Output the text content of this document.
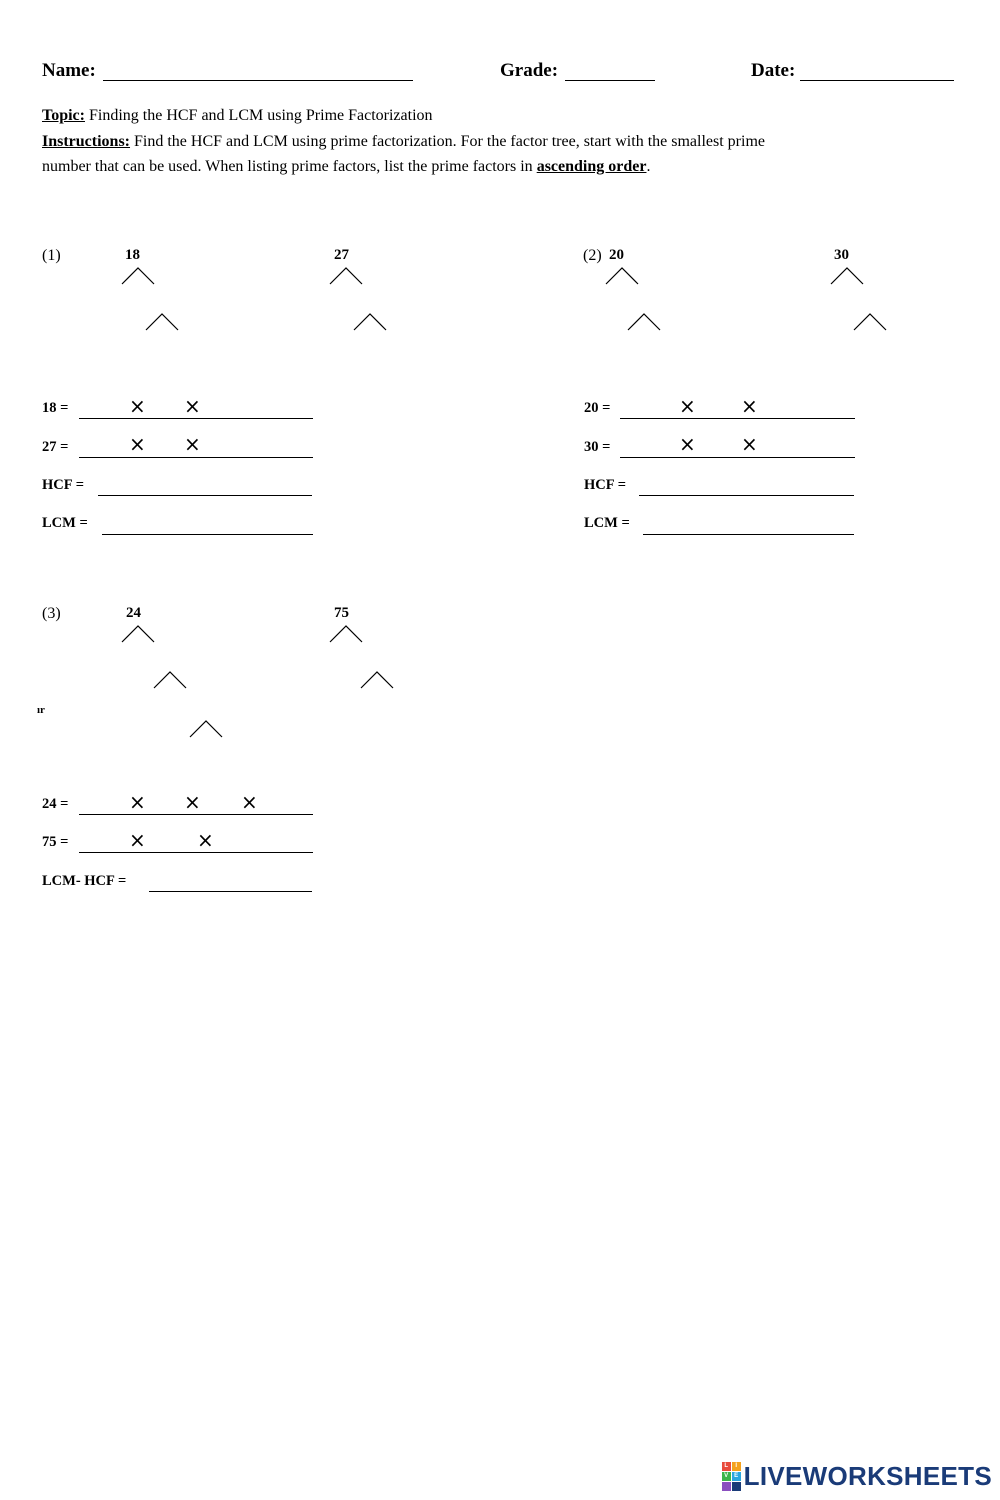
Name:	Grade:	Date:
Topic: Finding the HCF and LCM using Prime Factorization
Instructions: Find the HCF and LCM using prime factorization. For the factor tree, start with the smallest prime
number that can be used. When listing prime factors, list the prime factors in ascending order.
(1)	18	27
18 =	× ×
27 =	× ×
HCF =
LCM =
(2) 20	30
20 =	× ×
30 =	× ×
HCF =
LCM =
(3)	24	75
ır
24 =	× × ×
75 =	×	×
LCM- HCF =
L	I
V E LIVEWORKSHEETS
